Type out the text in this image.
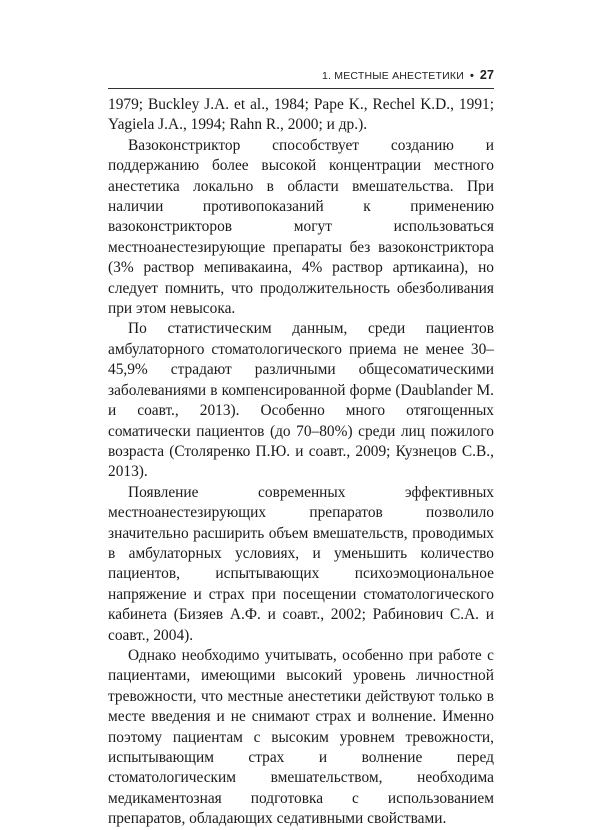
1. МЕСТНЫЕ АНЕСТЕТИКИ • 27

1979; Buckley J.A. et al., 1984; Pape K., Rechel K.D., 1991; Yagiela J.A., 1994; Rahn R., 2000; и др.).

Вазоконстриктор способствует созданию и поддержанию более высокой концентрации местного анестетика локально в области вмешательства. При наличии противопоказаний к применению вазоконстрикторов могут использоваться местноанестезирующие препараты без вазоконстриктора (3% раствор мепивакаина, 4% раствор артикаина), но следует помнить, что продолжительность обезболивания при этом невысока.

По статистическим данным, среди пациентов амбулаторного стоматологического приема не менее 30–45,9% страдают различными общесоматическими заболеваниями в компенсированной форме (Daublander M. и соавт., 2013). Особенно много отягощенных соматически пациентов (до 70–80%) среди лиц пожилого возраста (Столяренко П.Ю. и соавт., 2009; Кузнецов С.В., 2013).

Появление современных эффективных местноанестезирующих препаратов позволило значительно расширить объем вмешательств, проводимых в амбулаторных условиях, и уменьшить количество пациентов, испытывающих психоэмоциональное напряжение и страх при посещении стоматологического кабинета (Бизяев А.Ф. и соавт., 2002; Рабинович С.А. и соавт., 2004).

Однако необходимо учитывать, особенно при работе с пациентами, имеющими высокий уровень личностной тревожности, что местные анестетики действуют только в месте введения и не снимают страх и волнение. Именно поэтому пациентам с высоким уровнем тревожности, испытывающим страх и волнение перед стоматологическим вмешательством, необходима медикаментозная подготовка с использованием препаратов, обладающих седативными свойствами.
